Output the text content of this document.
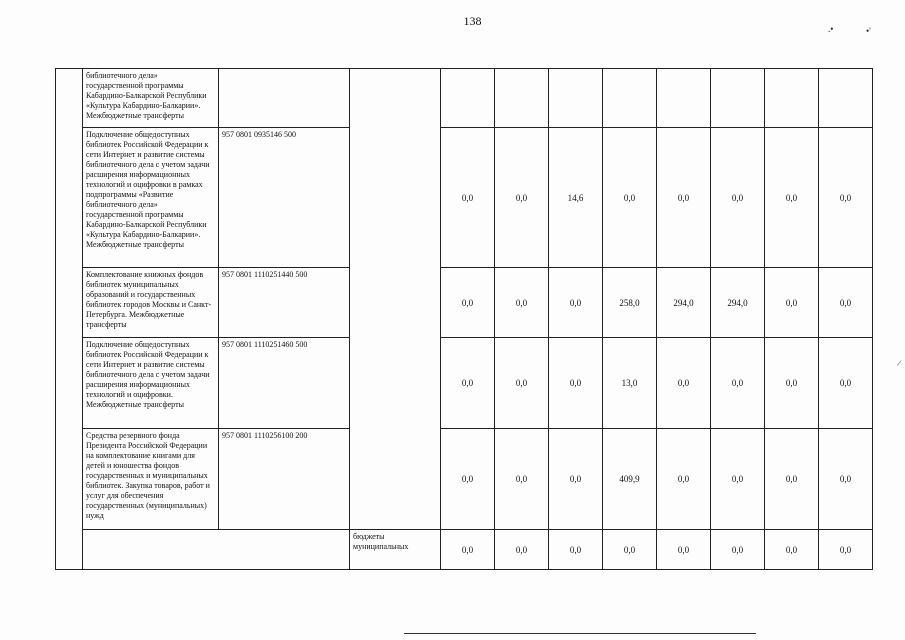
138
.•	•'
/
	библиотечного дела» государственной программы Кабардино-Балкарской Республики «Культура Кабардино-Балкарии». Межбюджетные трансферты										
	Подключение общедоступных библиотек Российской Федерации к сети Интернет и развитие системы библиотечного дела с учетом задачи расширения информационных технологий и оцифровки в рамках подпрограммы «Развитие библиотечного дела» государственной программы Кабардино-Балкарской Республики «Культура Кабардино-Балкарии». Межбюджетные трансферты	957 0801 0935146 500		0,0	0,0	14,6	0,0	0,0	0,0	0,0	0,0
	Комплектование книжных фондов библиотек муниципальных образований и государственных библиотек городов Москвы и Санкт-Петербурга. Межбюджетные трансферты	957 0801 1110251440 500		0,0	0,0	0,0	258,0	294,0	294,0	0,0	0,0
	Подключение общедоступных библиотек Российской Федерации к сети Интернет и развитие системы библиотечного дела с учетом задачи расширения информационных технологий и оцифровки. Межбюджетные трансферты	957 0801 1110251460 500		0,0	0,0	0,0	13,0	0,0	0,0	0,0	0,0
	Средства резервного фонда Президента Российской Федерации на комплектование книгами для детей и юношества фондов государственных и муниципальных библиотек. Закупка товаров, работ и услуг для обеспечения государственных (муниципальных) нужд	957 0801 1110256100 200		0,0	0,0	0,0	409,9	0,0	0,0	0,0	0,0
			бюджеты муниципальных	0,0	0,0	0,0	0,0	0,0	0,0	0,0	0,0
